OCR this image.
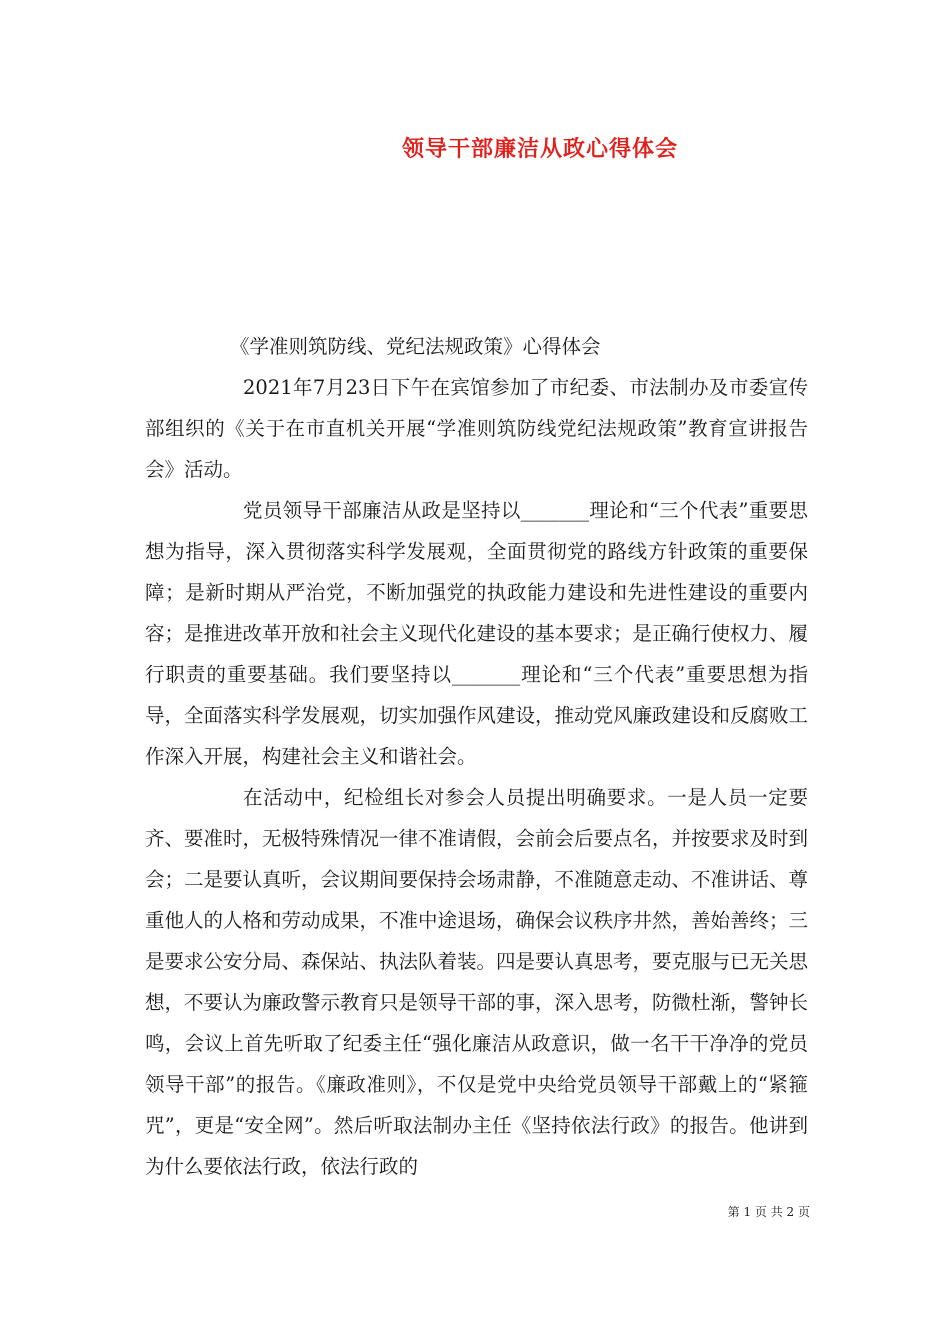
领导干部廉洁从政心得体会

《学准则筑防线、党纪法规政策》心得体会

2021年7月23日下午在宾馆参加了市纪委、市法制办及市委宣传部组织的《关于在市直机关开展“学准则筑防线党纪法规政策”教育宣讲报告会》活动。

党员领导干部廉洁从政是坚持以_______理论和“三个代表”重要思想为指导，深入贯彻落实科学发展观，全面贯彻党的路线方针政策的重要保障；是新时期从严治党，不断加强党的执政能力建设和先进性建设的重要内容；是推进改革开放和社会主义现代化建设的基本要求；是正确行使权力、履行职责的重要基础。我们要坚持以_______理论和“三个代表”重要思想为指导，全面落实科学发展观，切实加强作风建设，推动党风廉政建设和反腐败工作深入开展，构建社会主义和谐社会。

在活动中，纪检组长对参会人员提出明确要求。一是人员一定要齐、要准时，无极特殊情况一律不准请假，会前会后要点名，并按要求及时到会；二是要认真听，会议期间要保持会场肃静，不准随意走动、不准讲话、尊重他人的人格和劳动成果，不准中途退场，确保会议秩序井然，善始善终；三是要求公安分局、森保站、执法队着装。四是要认真思考，要克服与已无关思想，不要认为廉政警示教育只是领导干部的事，深入思考，防微杜渐，警钟长鸣，会议上首先听取了纪委主任“强化廉洁从政意识，做一名干干净净的党员领导干部”的报告。《廉政准则》，不仅是党中央给党员领导干部戴上的“紧箍咒”，更是“安全网”。然后听取法制办主任《坚持依法行政》的报告。他讲到为什么要依法行政，依法行政的

第 1 页 共 2 页
